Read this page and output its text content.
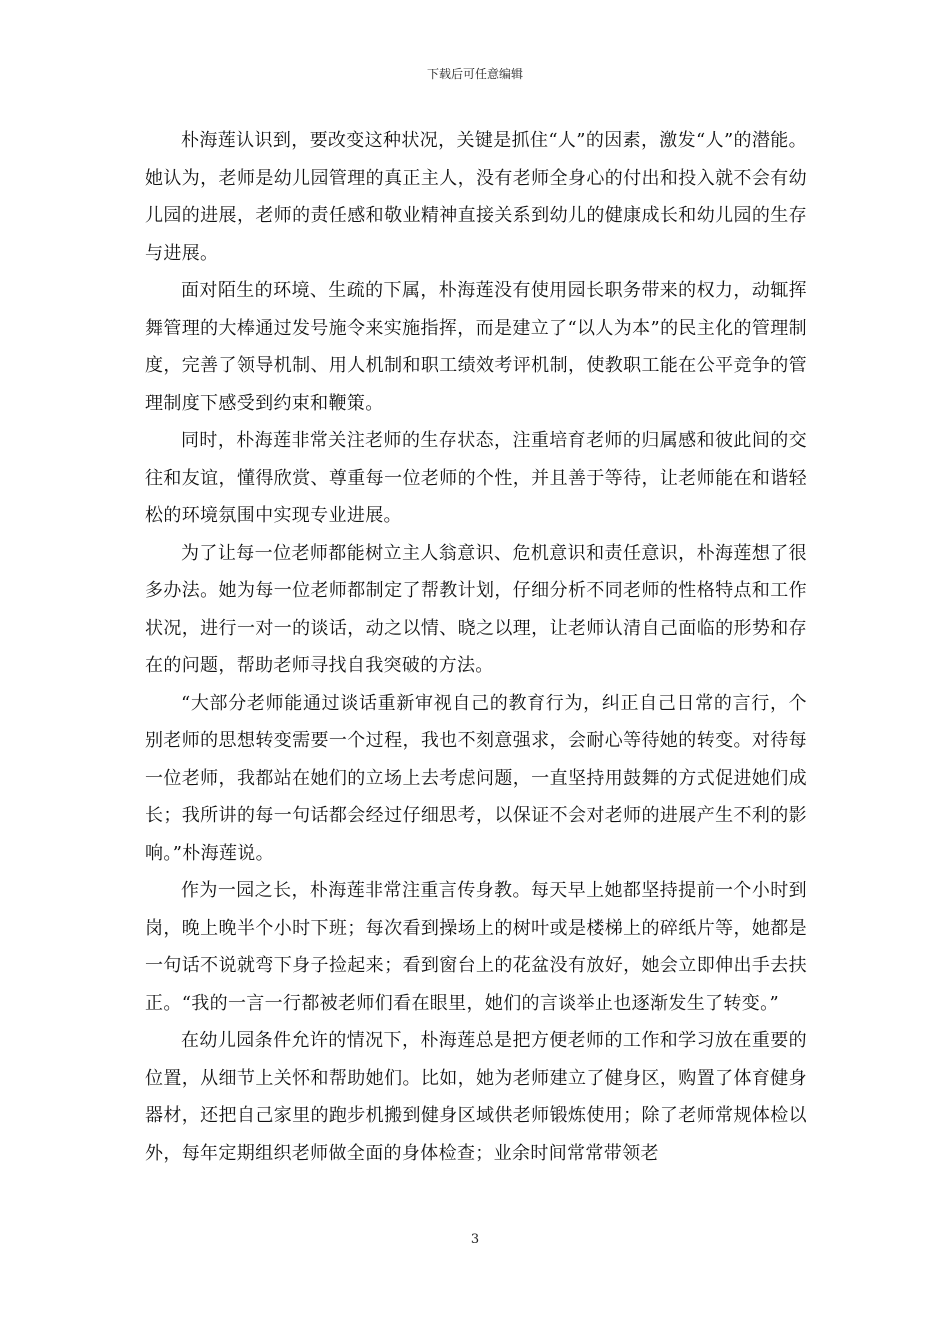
下载后可任意编辑

朴海莲认识到，要改变这种状况，关键是抓住“人”的因素，激发“人”的潜能。她认为，老师是幼儿园管理的真正主人，没有老师全身心的付出和投入就不会有幼儿园的进展，老师的责任感和敬业精神直接关系到幼儿的健康成长和幼儿园的生存与进展。

面对陌生的环境、生疏的下属，朴海莲没有使用园长职务带来的权力，动辄挥舞管理的大棒通过发号施令来实施指挥，而是建立了“以人为本”的民主化的管理制度，完善了领导机制、用人机制和职工绩效考评机制，使教职工能在公平竞争的管理制度下感受到约束和鞭策。

同时，朴海莲非常关注老师的生存状态，注重培育老师的归属感和彼此间的交往和友谊，懂得欣赏、尊重每一位老师的个性，并且善于等待，让老师能在和谐轻松的环境氛围中实现专业进展。

为了让每一位老师都能树立主人翁意识、危机意识和责任意识，朴海莲想了很多办法。她为每一位老师都制定了帮教计划，仔细分析不同老师的性格特点和工作状况，进行一对一的谈话，动之以情、晓之以理，让老师认清自己面临的形势和存在的问题，帮助老师寻找自我突破的方法。

“大部分老师能通过谈话重新审视自己的教育行为，纠正自己日常的言行，个别老师的思想转变需要一个过程，我也不刻意强求，会耐心等待她的转变。对待每一位老师，我都站在她们的立场上去考虑问题，一直坚持用鼓舞的方式促进她们成长；我所讲的每一句话都会经过仔细思考，以保证不会对老师的进展产生不利的影响。”朴海莲说。

作为一园之长，朴海莲非常注重言传身教。每天早上她都坚持提前一个小时到岗，晚上晚半个小时下班；每次看到操场上的树叶或是楼梯上的碎纸片等，她都是一句话不说就弯下身子捡起来；看到窗台上的花盆没有放好，她会立即伸出手去扶正。“我的一言一行都被老师们看在眼里，她们的言谈举止也逐渐发生了转变。”

在幼儿园条件允许的情况下，朴海莲总是把方便老师的工作和学习放在重要的位置，从细节上关怀和帮助她们。比如，她为老师建立了健身区，购置了体育健身器材，还把自己家里的跑步机搬到健身区域供老师锻炼使用；除了老师常规体检以外，每年定期组织老师做全面的身体检查；业余时间常常带领老

3
